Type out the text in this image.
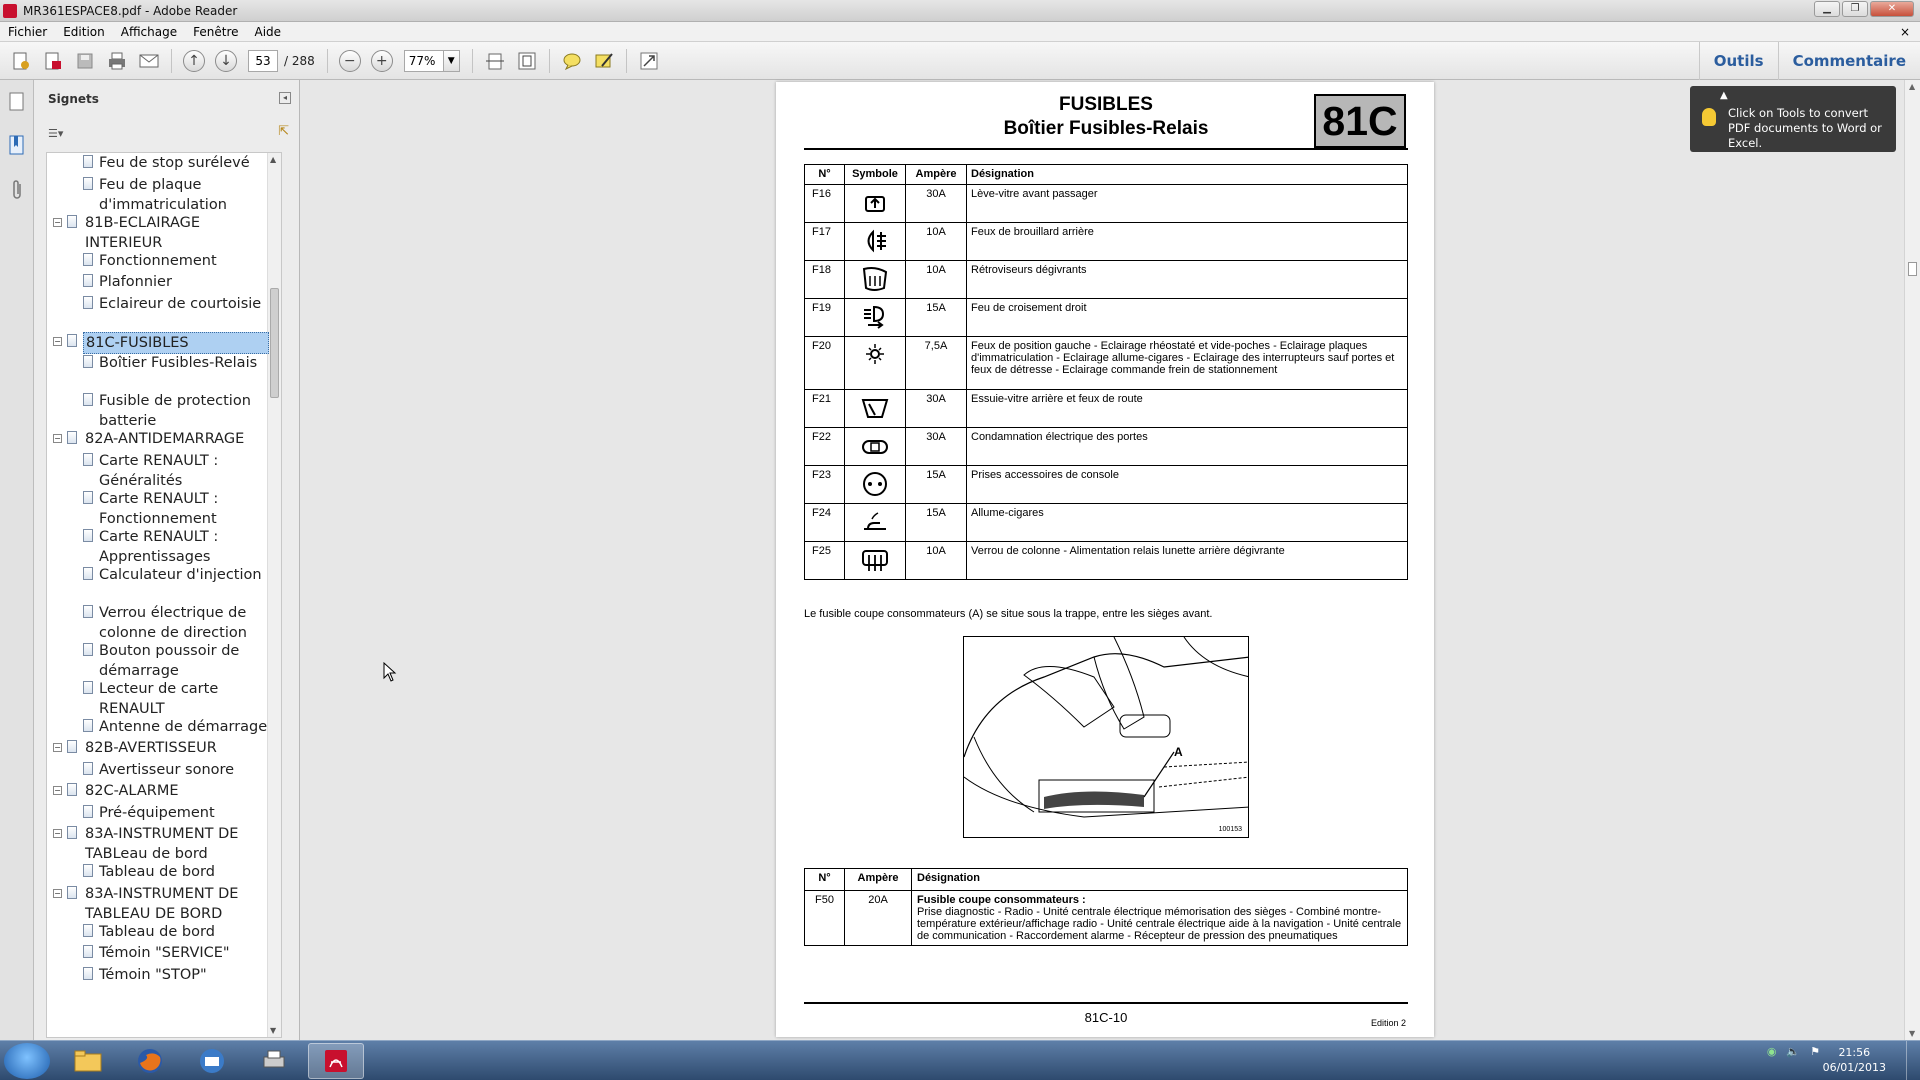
MR361ESPACE8.pdf - Adobe Reader	▁	❐	✕
Fichier	Edition	Affichage	Fenêtre	Aide	×
↑	↓	53	/ 288	−	+	77%	▼	Outils	Commentaire
Signets	◂
☰▾	⇱
▲
▼
Feu de stop surélevé
Feu de plaque d'immatriculation
−	81B-ECLAIRAGE INTERIEUR
Fonctionnement
Plafonnier
Eclaireur de courtoisie
− 81C-FUSIBLES
Boîtier Fusibles-Relais
Fusible de protection batterie
−	82A-ANTIDEMARRAGE
Carte RENAULT : Généralités
Carte RENAULT : Fonctionnement
Carte RENAULT : Apprentissages
Calculateur d'injection
Verrou électrique de colonne de direction
Bouton poussoir de démarrage
Lecteur de carte RENAULT
Antenne de démarrage
−	82B-AVERTISSEUR
Avertisseur sonore
−	82C-ALARME
Pré-équipement
−	83A-INSTRUMENT DE TABLeau de bord
Tableau de bord
−	83A-INSTRUMENT DE TABLEAU DE BORD
Tableau de bord
Témoin "SERVICE"
Témoin "STOP"
FUSIBLES
Boîtier Fusibles-Relais	81C
N°	Symbole	Ampère	Désignation
F16		30A	Lève-vitre avant passager
F17		10A	Feux de brouillard arrière
F18		10A	Rétroviseurs dégivrants
F19		15A	Feu de croisement droit
F20		7,5A	Feux de position gauche - Eclairage rhéostaté et vide-poches - Eclairage plaques d'immatriculation - Eclairage allume-cigares - Eclairage des interrupteurs sauf portes et feux de détresse - Eclairage commande frein de stationnement
F21		30A	Essuie-vitre arrière et feux de route
F22		30A	Condamnation électrique des portes
F23		15A	Prises accessoires de console
F24		15A	Allume-cigares
F25		10A	Verrou de colonne - Alimentation relais lunette arrière dégivrante
Le fusible coupe consommateurs (A) se situe sous la trappe, entre les sièges avant.
A
100153
N°	Ampère	Désignation
F50	20A	Fusible coupe consommateurs :
Prise diagnostic - Radio - Unité centrale électrique mémorisation des sièges - Combiné montre-température extérieur/affichage radio - Unité centrale électrique aide à la navigation - Unité centrale de communication - Raccordement alarme - Récepteur de pression des pneumatiques
81C-10	Edition 2
▲
▼
▲
Click on Tools to convert PDF documents to Word or Excel.
◉ 🔈 ⚑	21:56
06/01/2013
